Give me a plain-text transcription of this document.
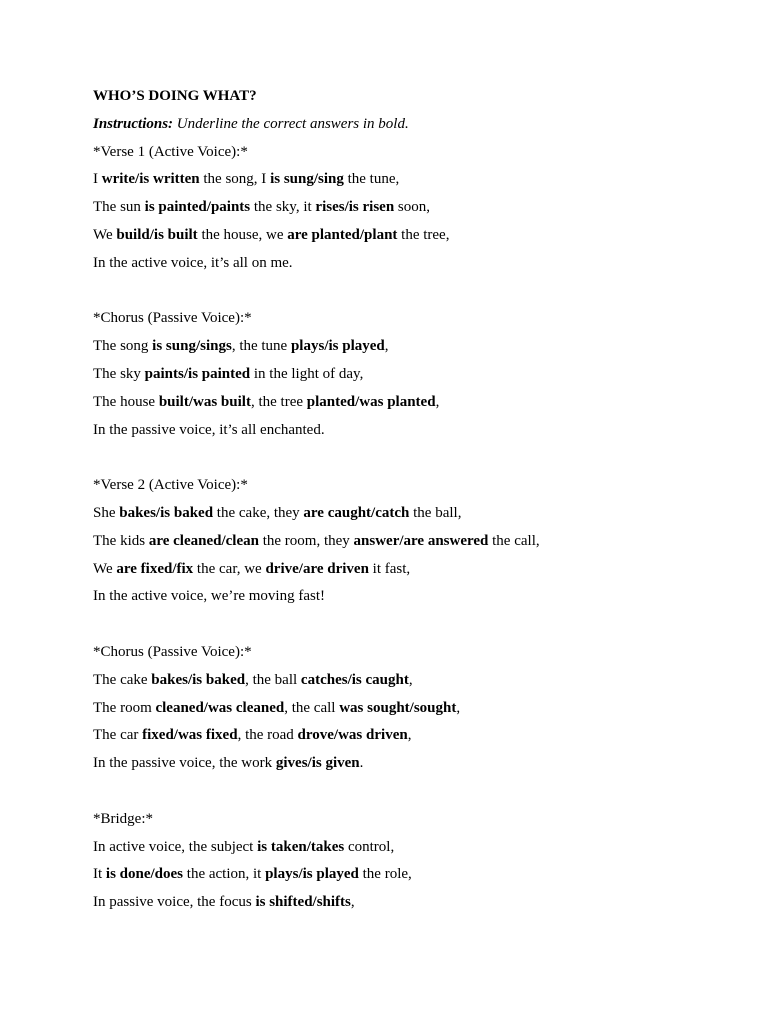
WHO’S DOING WHAT?
Instructions: Underline the correct answers in bold.
*Verse 1 (Active Voice):*
I write/is written the song, I is sung/sing the tune,
The sun is painted/paints the sky, it rises/is risen soon,
We build/is built the house, we are planted/plant the tree,
In the active voice, it’s all on me.
*Chorus (Passive Voice):*
The song is sung/sings, the tune plays/is played,
The sky paints/is painted in the light of day,
The house built/was built, the tree planted/was planted,
In the passive voice, it’s all enchanted.
*Verse 2 (Active Voice):*
She bakes/is baked the cake, they are caught/catch the ball,
The kids are cleaned/clean the room, they answer/are answered the call,
We are fixed/fix the car, we drive/are driven it fast,
In the active voice, we’re moving fast!
*Chorus (Passive Voice):*
The cake bakes/is baked, the ball catches/is caught,
The room cleaned/was cleaned, the call was sought/sought,
The car fixed/was fixed, the road drove/was driven,
In the passive voice, the work gives/is given.
*Bridge:*
In active voice, the subject is taken/takes control,
It is done/does the action, it plays/is played the role,
In passive voice, the focus is shifted/shifts,
